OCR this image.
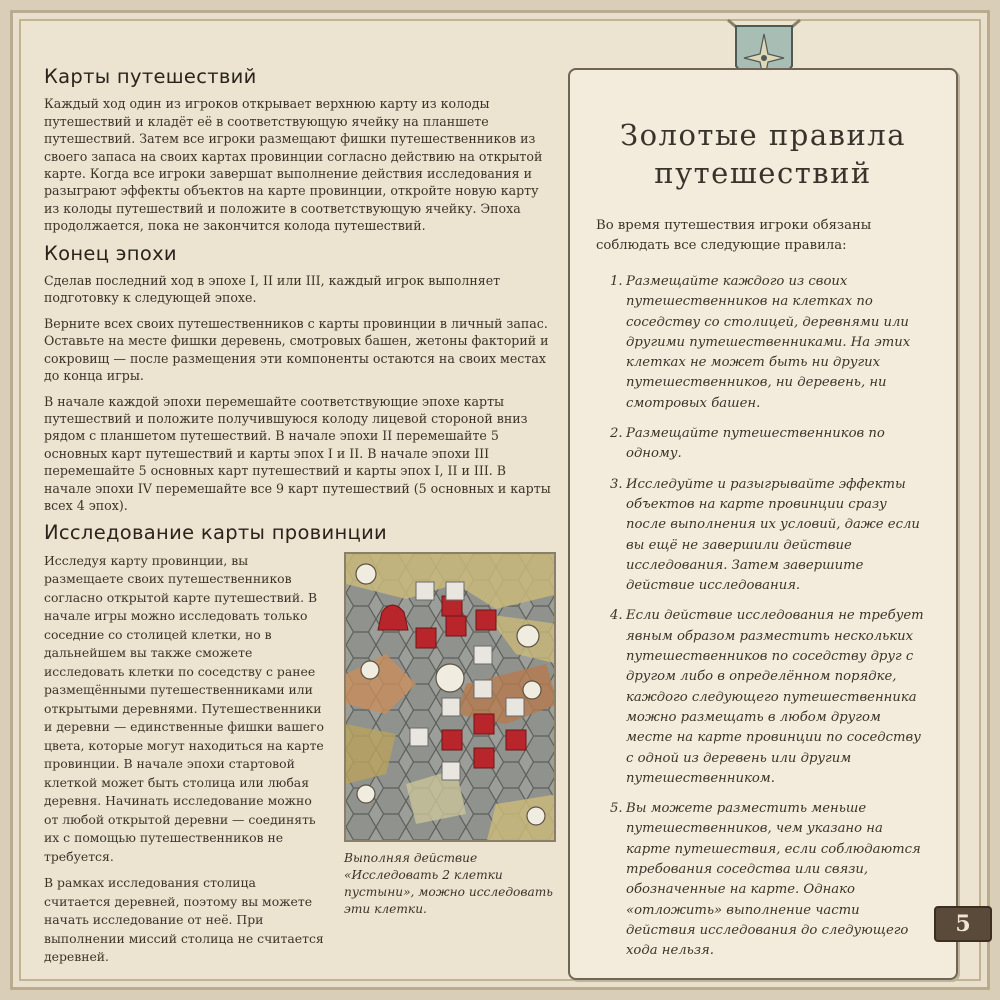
Карты путешествий

Каждый ход один из игроков открывает верхнюю карту из колоды путешествий и кладёт её в соответствующую ячейку на планшете путешествий. Затем все игроки размещают фишки путешественников из своего запаса на своих картах провинции согласно действию на открытой карте. Когда все игроки завершат выполнение действия исследования и разыграют эффекты объектов на карте провинции, откройте новую карту из колоды путешествий и положите в соответствующую ячейку. Эпоха продолжается, пока не закончится колода путешествий.

Конец эпохи

Сделав последний ход в эпохе I, II или III, каждый игрок выполняет подготовку к следующей эпохе.

Верните всех своих путешественников с карты провинции в личный запас. Оставьте на месте фишки деревень, смотровых башен, жетоны факторий и сокровищ — после размещения эти компоненты остаются на своих местах до конца игры.

В начале каждой эпохи перемешайте соответствующие эпохе карты путешествий и положите получившуюся колоду лицевой стороной вниз рядом с планшетом путешествий. В начале эпохи II перемешайте 5 основных карт путешествий и карты эпох I и II. В начале эпохи III перемешайте 5 основных карт путешествий и карты эпох I, II и III. В начале эпохи IV перемешайте все 9 карт путешествий (5 основных и карты всех 4 эпох).

Исследование карты провинции

Исследуя карту провинции, вы размещаете своих путешественников согласно открытой карте путешествий. В начале игры можно исследовать только соседние со столицей клетки, но в дальнейшем вы также сможете исследовать клетки по соседству с ранее размещёнными путешественниками или открытыми деревнями. Путешественники и деревни — единственные фишки вашего цвета, которые могут находиться на карте провинции. В начале эпохи стартовой клеткой может быть столица или любая деревня. Начинать исследование можно от любой открытой деревни — соединять их с помощью путешественников не требуется.

В рамках исследования столица считается деревней, поэтому вы можете начать исследование от неё. При выполнении миссий столица не считается деревней.

Выполняя действие «Исследовать 2 клетки пустыни», можно исследовать эти клетки.

Золотые правила путешествий

Во время путешествия игроки обязаны соблюдать все следующие правила:

1. Размещайте каждого из своих путешественников на клетках по соседству со столицей, деревнями или другими путешественниками. На этих клетках не может быть ни других путешественников, ни деревень, ни смотровых башен.
2. Размещайте путешественников по одному.
3. Исследуйте и разыгрывайте эффекты объектов на карте провинции сразу после выполнения их условий, даже если вы ещё не завершили действие исследования. Затем завершите действие исследования.
4. Если действие исследования не требует явным образом разместить нескольких путешественников по соседству друг с другом либо в определённом порядке, каждого следующего путешественника можно размещать в любом другом месте на карте провинции по соседству с одной из деревень или другим путешественником.
5. Вы можете разместить меньше путешественников, чем указано на карте путешествия, если соблюдаются требования соседства или связи, обозначенные на карте. Однако «отложить» выполнение части действия исследования до следующего хода нельзя.
5
